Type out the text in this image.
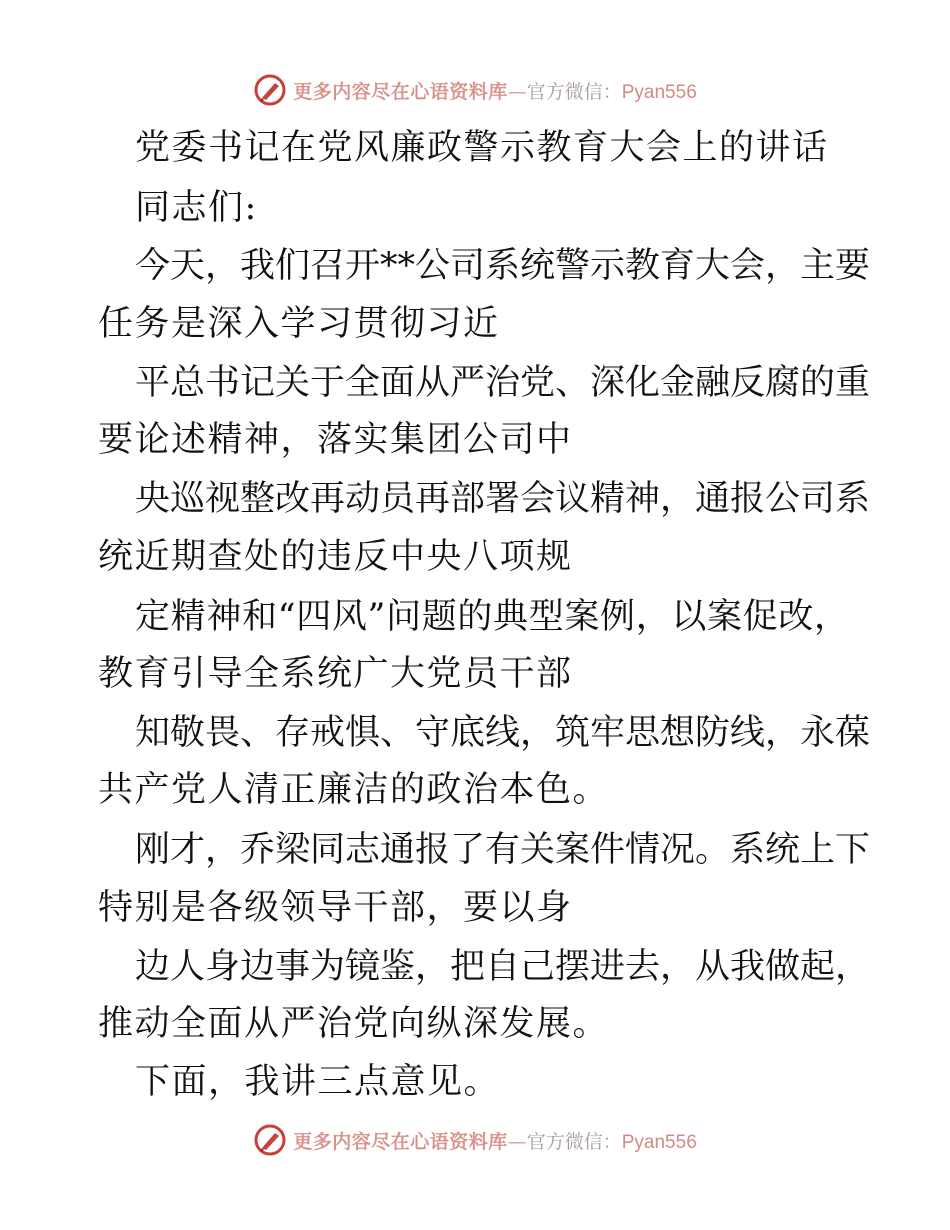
更多内容尽在心语资料库 — 官方微信： Pyan556
党委书记在党风廉政警示教育大会上的讲话
同志们:
今天，我们召开**公司系统警示教育大会，主要
任务是深入学习贯彻习近
平总书记关于全面从严治党、深化金融反腐的重
要论述精神，落实集团公司中
央巡视整改再动员再部署会议精神，通报公司系
统近期查处的违反中央八项规
定精神和“四风”问题的典型案例，以案促改，
教育引导全系统广大党员干部
知敬畏、存戒惧、守底线，筑牢思想防线，永葆
共产党人清正廉洁的政治本色。
刚才，乔梁同志通报了有关案件情况。系统上下
特别是各级领导干部，要以身
边人身边事为镜鉴，把自己摆进去，从我做起，
推动全面从严治党向纵深发展。
下面，我讲三点意见。
更多内容尽在心语资料库 — 官方微信： Pyan556
